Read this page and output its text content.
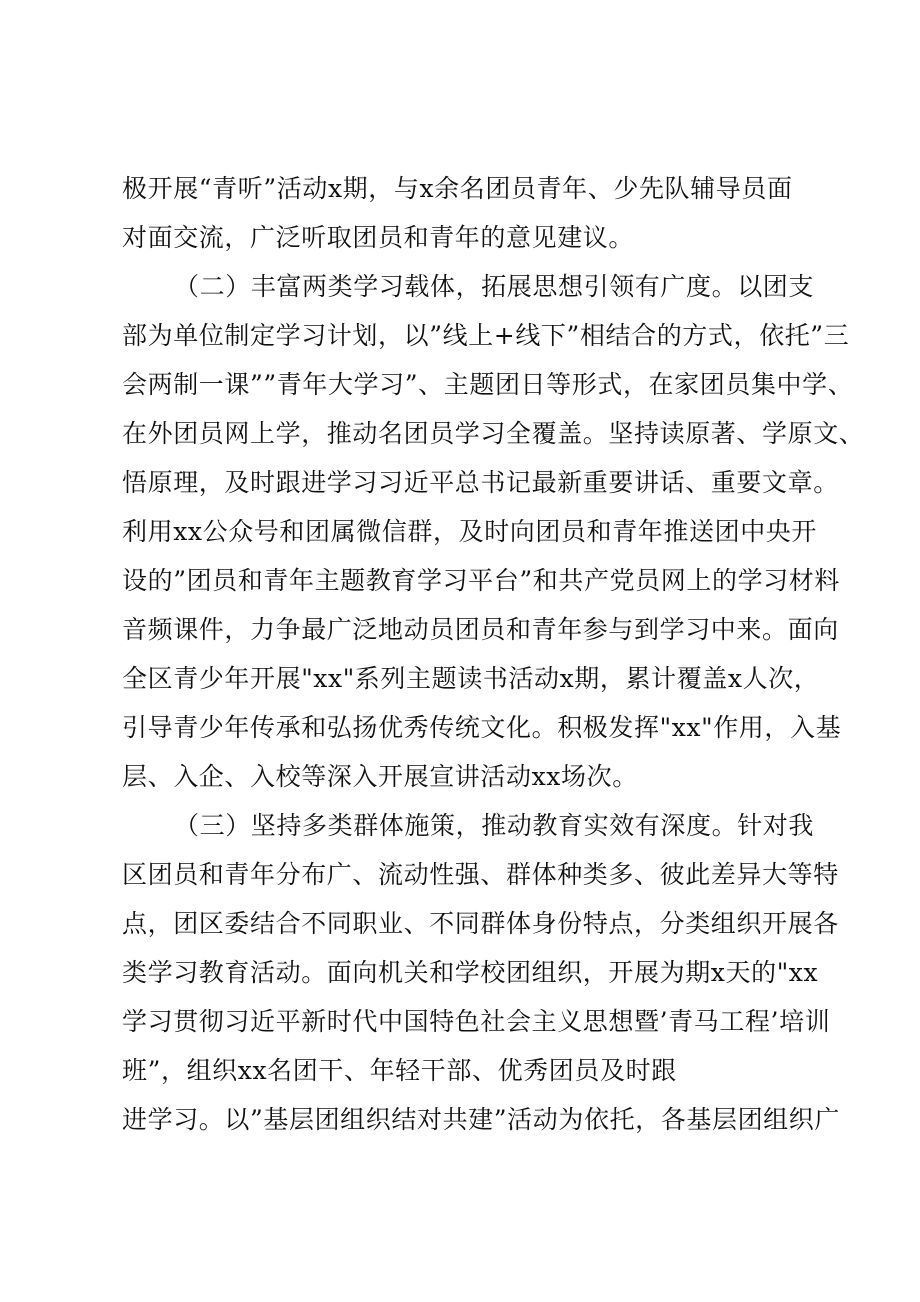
极开展“青听”活动x期，与x余名团员青年、少先队辅导员面
对面交流，广泛听取团员和青年的意见建议。
（二）丰富两类学习载体，拓展思想引领有广度。以团支
部为单位制定学习计划，以”线上+线下”相结合的方式，依托”三
会两制一课””青年大学习”、主题团日等形式，在家团员集中学、
在外团员网上学，推动名团员学习全覆盖。坚持读原著、学原文、
悟原理，及时跟进学习习近平总书记最新重要讲话、重要文章。
利用xx公众号和团属微信群，及时向团员和青年推送团中央开
设的”团员和青年主题教育学习平台”和共产党员网上的学习材料
音频课件，力争最广泛地动员团员和青年参与到学习中来。面向
全区青少年开展"xx"系列主题读书活动x期，累计覆盖x人次，
引导青少年传承和弘扬优秀传统文化。积极发挥"xx"作用，入基
层、入企、入校等深入开展宣讲活动xx场次。
（三）坚持多类群体施策，推动教育实效有深度。针对我
区团员和青年分布广、流动性强、群体种类多、彼此差异大等特
点，团区委结合不同职业、不同群体身份特点，分类组织开展各
类学习教育活动。面向机关和学校团组织，开展为期x天的"xx
学习贯彻习近平新时代中国特色社会主义思想暨’青马工程’培训
班”，组织xx名团干、年轻干部、优秀团员及时跟
进学习。以”基层团组织结对共建”活动为依托，各基层团组织广
